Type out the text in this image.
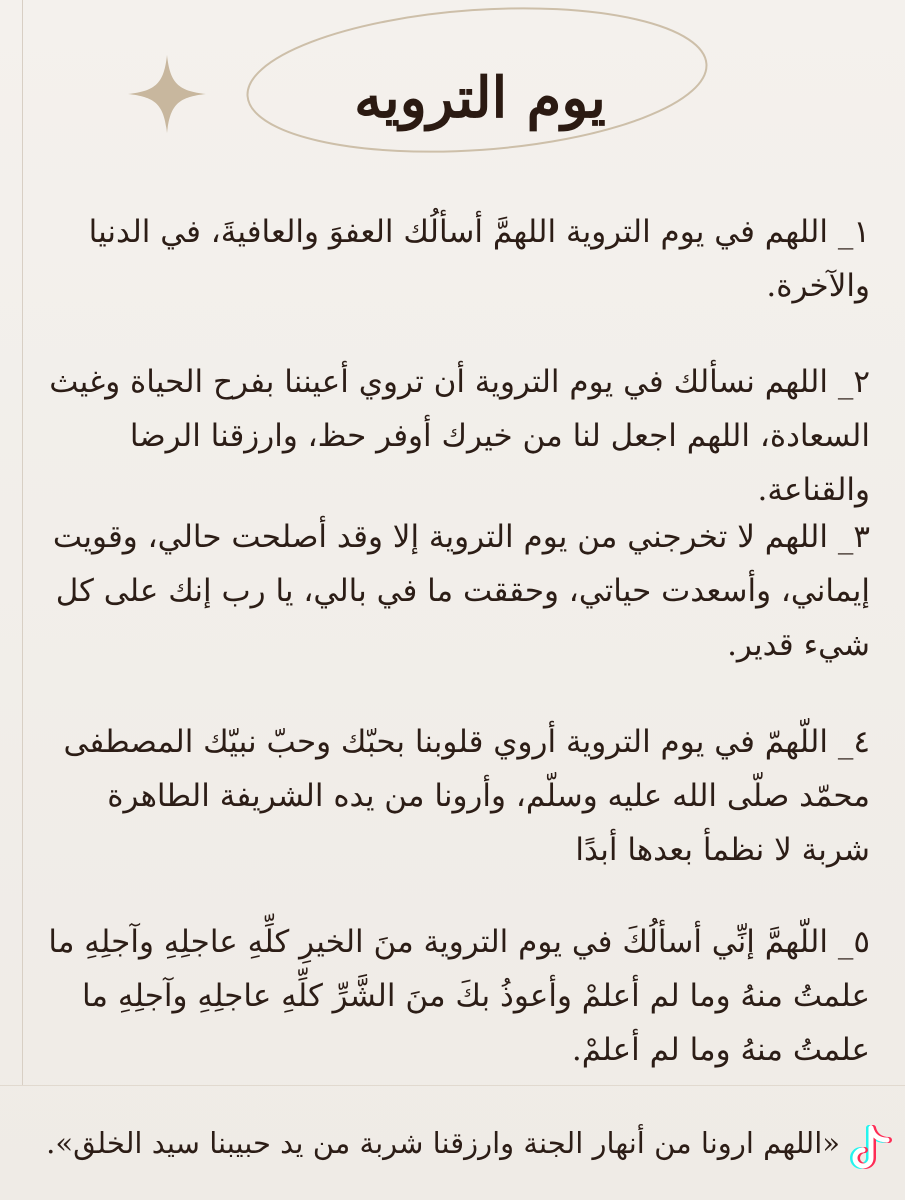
يوم الترويه

١_ اللهم في يوم التروية اللهمَّ أسألُك العفوَ والعافيةَ، في الدنيا والآخرة.

٢_ اللهم نسألك في يوم التروية أن تروي أعيننا بفرح الحياة وغيث السعادة، اللهم اجعل لنا من خيرك أوفر حظ، وارزقنا الرضا والقناعة.

٣_ اللهم لا تخرجني من يوم التروية إلا وقد أصلحت حالي، وقويت إيماني، وأسعدت حياتي، وحققت ما في بالي، يا رب إنك على كل شيء قدير.

٤_ اللّهمّ في يوم التروية أروي قلوبنا بحبّك وحبّ نبيّك المصطفى محمّد صلّى الله عليه وسلّم، وأرونا من يده الشريفة الطاهرة شربة لا نظمأ بعدها أبدًا

٥_ اللّهمَّ إنِّي أسألُكَ في يوم التروية منَ الخيرِ كلِّهِ عاجلِهِ وآجلِهِ ما علمتُ منهُ وما لم أعلمْ وأعوذُ بكَ منَ الشَّرِّ كلِّهِ عاجلِهِ وآجلِهِ ما علمتُ منهُ وما لم أعلمْ.

«اللهم ارونا من أنهار الجنة وارزقنا شربة من يد حبيبنا سيد الخلق».
